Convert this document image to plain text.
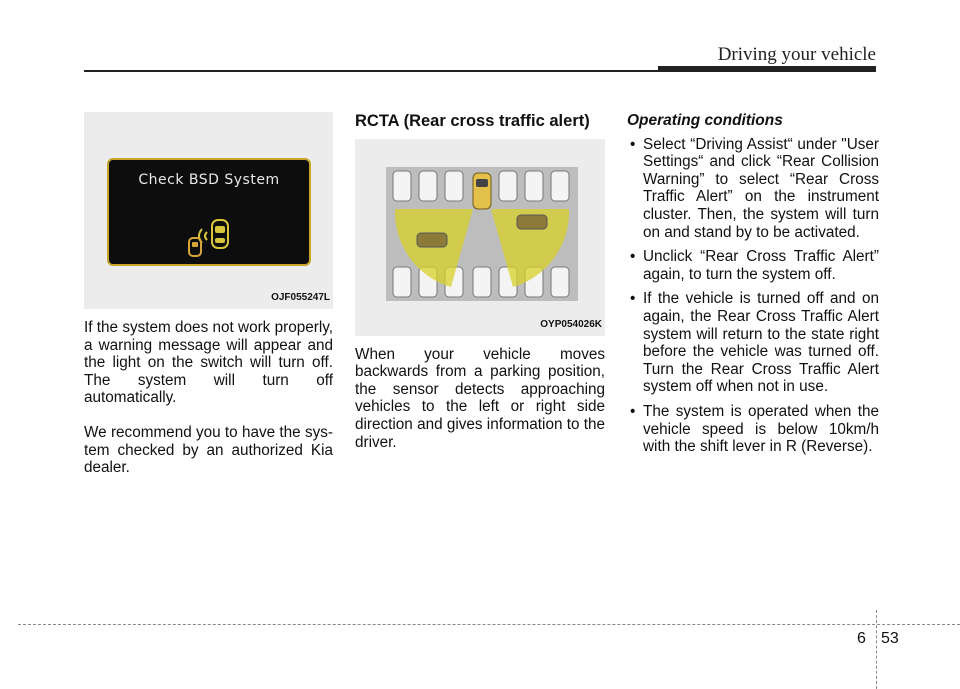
Driving your vehicle
Check BSD System
OJF055247L

If the system does not work properly, a warning message will appear and the light on the switch will turn off. The system will turn off automatically.

We recommend you to have the sys-tem checked by an authorized Kia dealer.

RCTA (Rear cross traffic alert)
OYP054026K

When your vehicle moves backwards from a parking position, the sensor detects approaching vehicles to the left or right side direction and gives information to the driver.

Operating conditions
• Select “Driving Assist“ under "User Settings“ and click “Rear Collision Warning” to select “Rear Cross Traffic Alert” on the instrument cluster. Then, the system will turn on and stand by to be activated.
• Unclick “Rear Cross Traffic Alert” again, to turn the system off.
• If the vehicle is turned off and on again, the Rear Cross Traffic Alert system will return to the state right before the vehicle was turned off. Turn the Rear Cross Traffic Alert system off when not in use.
• The system is operated when the vehicle speed is below 10km/h with the shift lever in R (Reverse).
6 53
